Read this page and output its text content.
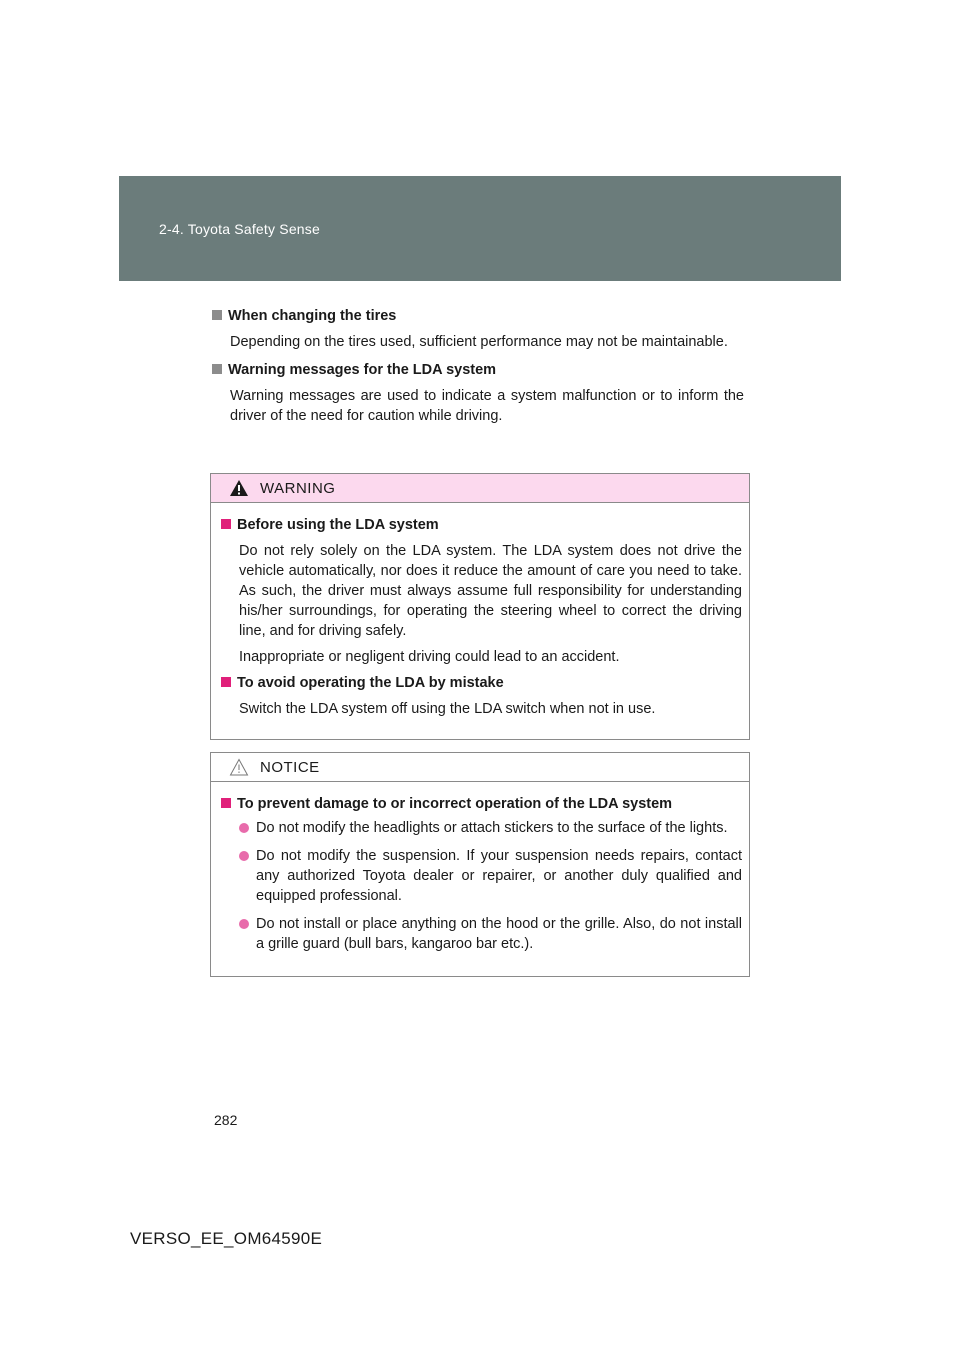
2-4. Toyota Safety Sense

When changing the tires

Depending on the tires used, sufficient performance may not be maintainable.

Warning messages for the LDA system

Warning messages are used to indicate a system malfunction or to inform the driver of the need for caution while driving.

WARNING

Before using the LDA system

Do not rely solely on the LDA system. The LDA system does not drive the vehicle automatically, nor does it reduce the amount of care you need to take. As such, the driver must always assume full responsibility for understanding his/her surroundings, for operating the steering wheel to correct the driving line, and for driving safely.

Inappropriate or negligent driving could lead to an accident.

To avoid operating the LDA by mistake

Switch the LDA system off using the LDA switch when not in use.

NOTICE

To prevent damage to or incorrect operation of the LDA system

Do not modify the headlights or attach stickers to the surface of the lights.
Do not modify the suspension. If your suspension needs repairs, contact any authorized Toyota dealer or repairer, or another duly qualified and equipped professional.
Do not install or place anything on the hood or the grille. Also, do not install a grille guard (bull bars, kangaroo bar etc.).
282
VERSO_EE_OM64590E
